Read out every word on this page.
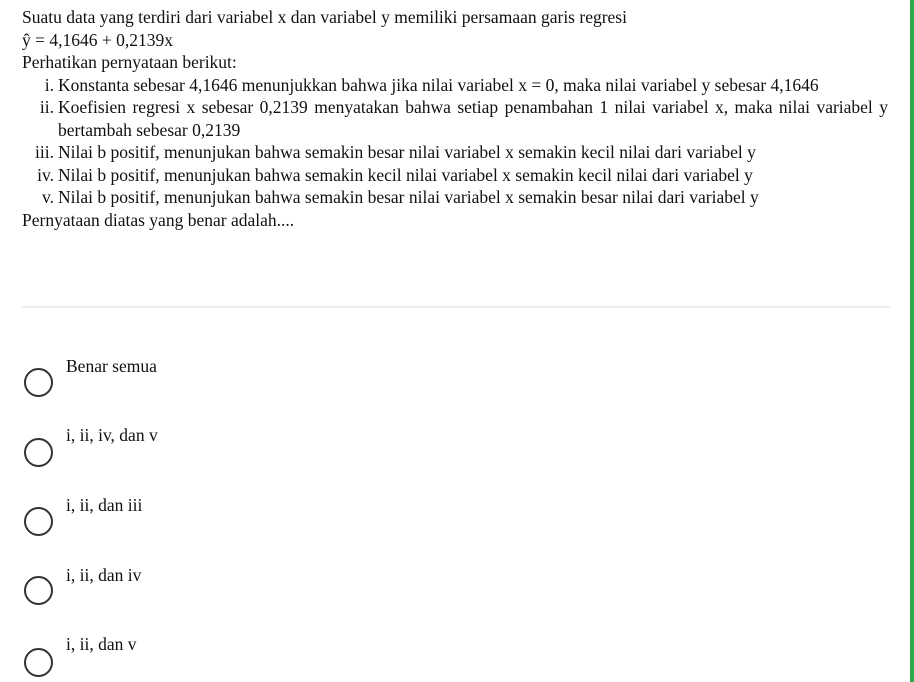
Suatu data yang terdiri dari variabel x dan variabel y memiliki persamaan garis regresi

ŷ = 4,1646 + 0,2139x

Perhatikan pernyataan berikut:

i. Konstanta sebesar 4,1646 menunjukkan bahwa jika nilai variabel x = 0, maka nilai variabel y sebesar 4,1646
ii. Koefisien regresi x sebesar 0,2139 menyatakan bahwa setiap penambahan 1 nilai variabel x, maka nilai variabel y bertambah sebesar 0,2139
iii. Nilai b positif, menunjukan bahwa semakin besar nilai variabel x semakin kecil nilai dari variabel y
iv. Nilai b positif, menunjukan bahwa semakin kecil nilai variabel x semakin kecil nilai dari variabel y
v. Nilai b positif, menunjukan bahwa semakin besar nilai variabel x semakin besar nilai dari variabel y

Pernyataan diatas yang benar adalah....

Benar semua
i, ii, iv, dan v
i, ii, dan iii
i, ii, dan iv
i, ii, dan v
